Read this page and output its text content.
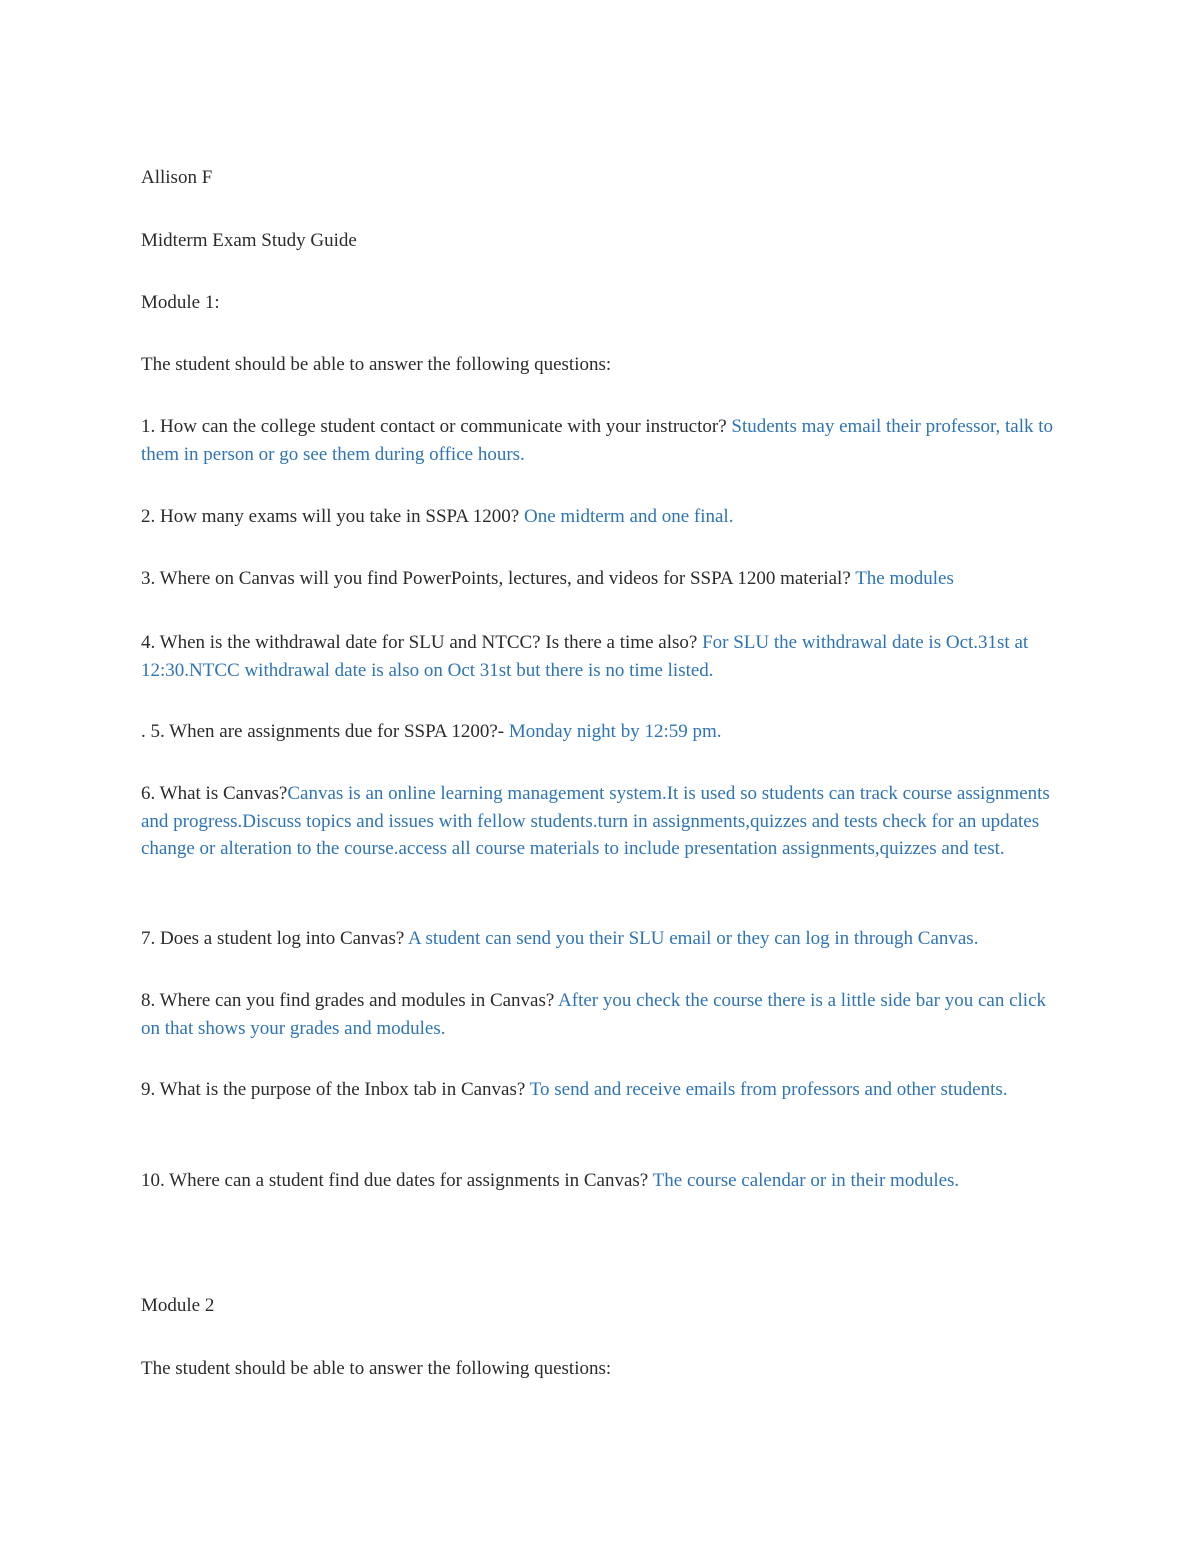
Allison F
Midterm Exam Study Guide
Module 1:
The student should be able to answer the following questions:
1. How can the college student contact or communicate with your instructor? Students may email their professor, talk to them in person or go see them during office hours.
2. How many exams will you take in SSPA 1200? One midterm and one final.
3. Where on Canvas will you find PowerPoints, lectures, and videos for SSPA 1200 material? The modules
4. When is the withdrawal date for SLU and NTCC? Is there a time also? For SLU the withdrawal date is Oct.31st at 12:30.NTCC withdrawal date is also on Oct 31st but there is no time listed.
. 5. When are assignments due for SSPA 1200?- Monday night by 12:59 pm.
6. What is Canvas?Canvas is an online learning management system.It is used so students can track course assignments and progress.Discuss topics and issues with fellow students.turn in assignments,quizzes and tests check for an updates change or alteration to the course.access all course materials to include presentation assignments,quizzes and test.
7. Does a student log into Canvas? A student can send you their SLU email or they can log in through Canvas.
8. Where can you find grades and modules in Canvas? After you check the course there is a little side bar you can click on that shows your grades and modules.
9. What is the purpose of the Inbox tab in Canvas? To send and receive emails from professors and other students.
10. Where can a student find due dates for assignments in Canvas? The course calendar or in their modules.
Module 2
The student should be able to answer the following questions:
